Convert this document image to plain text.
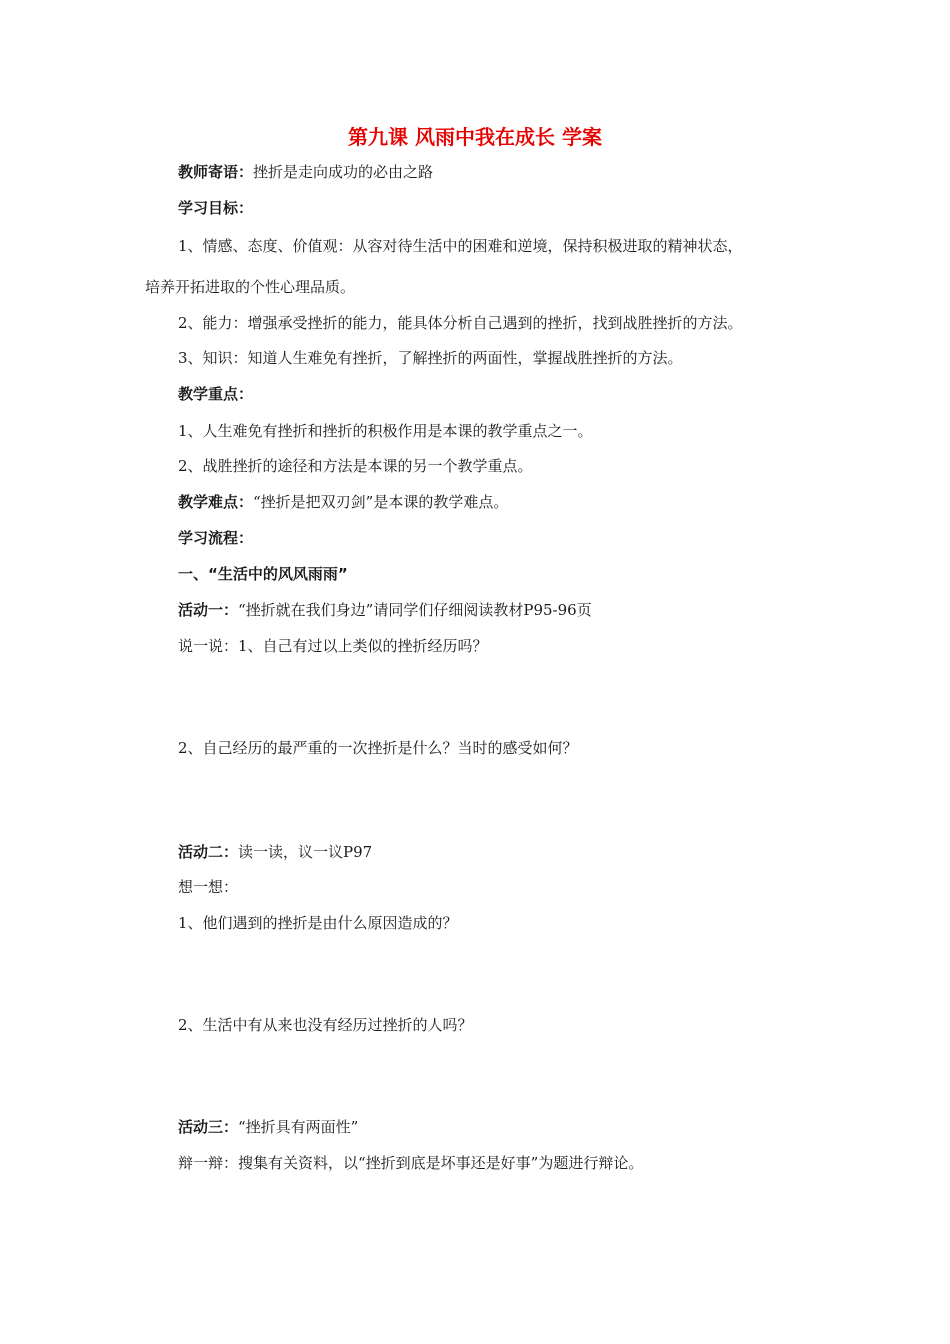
第九课 风雨中我在成长 学案
教师寄语：挫折是走向成功的必由之路
学习目标：
1、情感、态度、价值观：从容对待生活中的困难和逆境，保持积极进取的精神状态，
培养开拓进取的个性心理品质。
2、能力：增强承受挫折的能力，能具体分析自己遇到的挫折，找到战胜挫折的方法。
3、知识：知道人生难免有挫折，了解挫折的两面性，掌握战胜挫折的方法。
教学重点：
1、人生难免有挫折和挫折的积极作用是本课的教学重点之一。
2、战胜挫折的途径和方法是本课的另一个教学重点。
教学难点：“挫折是把双刃剑”是本课的教学难点。
学习流程：
一、“生活中的风风雨雨”
活动一：“挫折就在我们身边”请同学们仔细阅读教材P95-96页
说一说：1、自己有过以上类似的挫折经历吗？
2、自己经历的最严重的一次挫折是什么？当时的感受如何？
活动二：读一读，议一议P97
想一想：
1、他们遇到的挫折是由什么原因造成的？
2、生活中有从来也没有经历过挫折的人吗？
活动三：“挫折具有两面性”
辩一辩：搜集有关资料，以“挫折到底是坏事还是好事”为题进行辩论。
